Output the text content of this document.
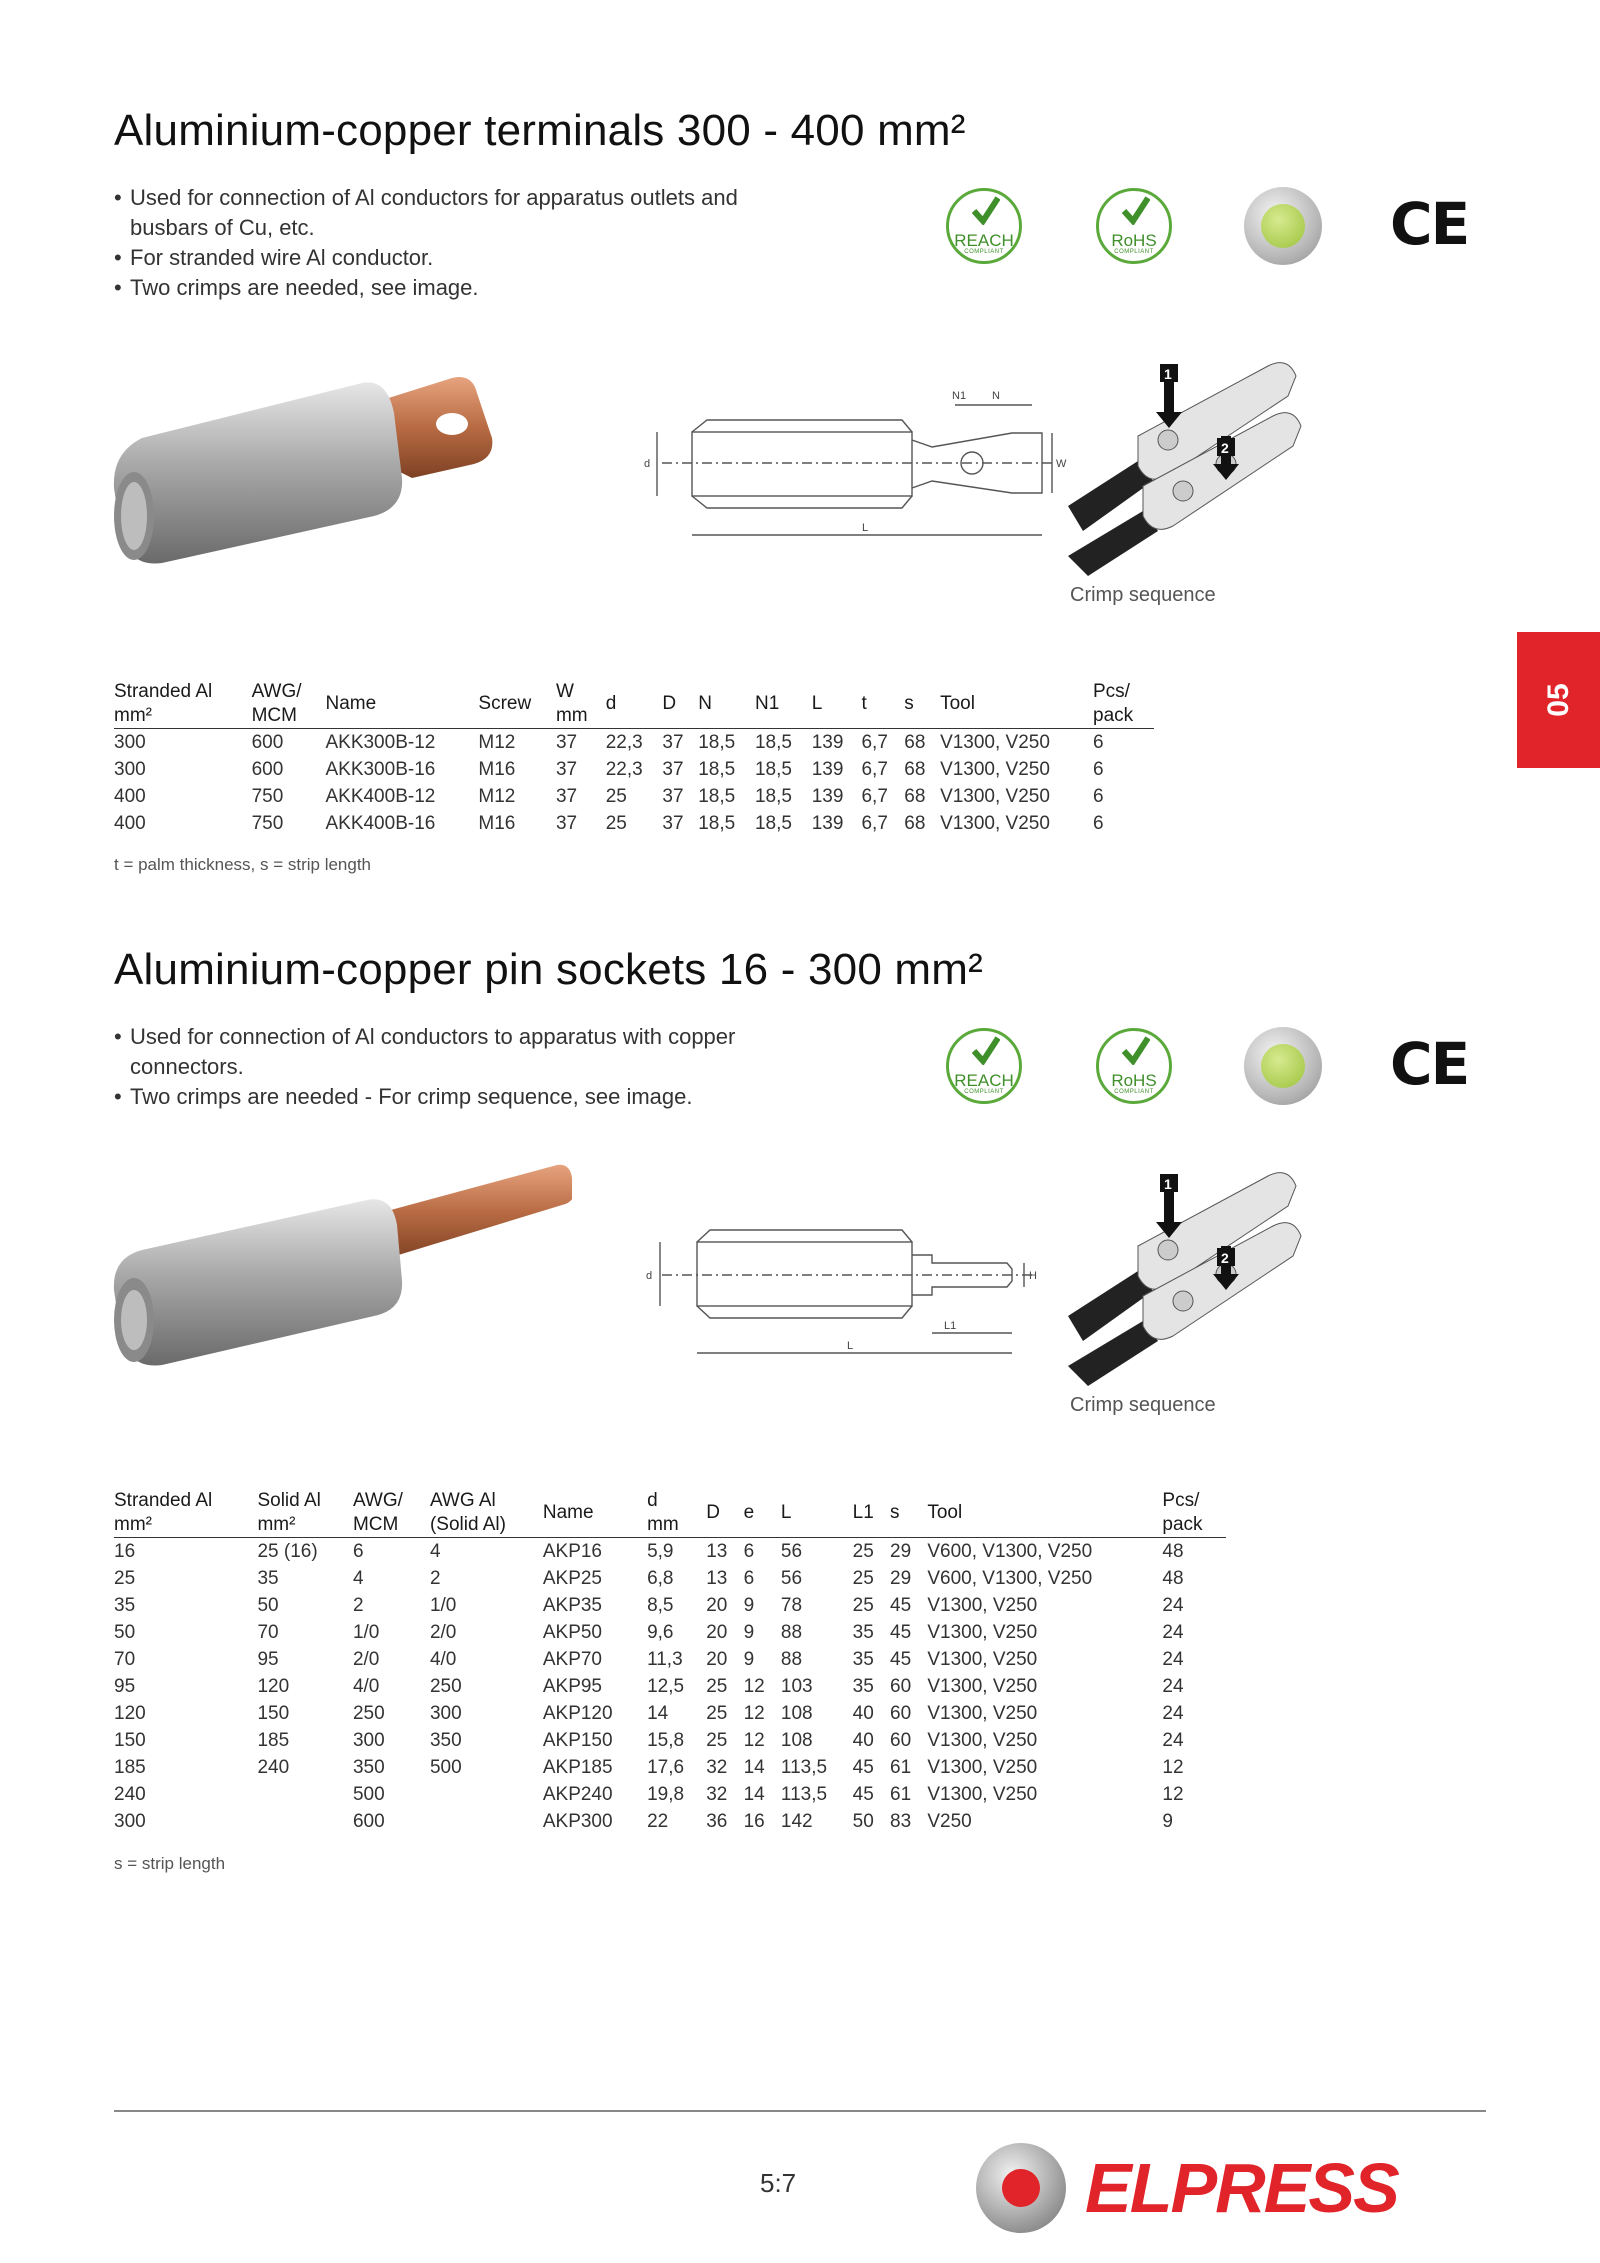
Aluminium-copper terminals 300 - 400 mm²
• Used for connection of Al conductors for apparatus outlets and busbars of Cu, etc.
• For stranded wire Al conductor.
• Two crimps are needed, see image.
REACH
COMPLIANT
RoHS
COMPLIANT	CE
L
d	W
N1 N
1
2
Crimp sequence
Stranded Al
mm²	AWG/
MCM	Name	Screw	W
mm	d	D	N	N1	L	t	s	Tool	Pcs/
pack
300	600	AKK300B-12	M12	37	22,3	37	18,5	18,5	139	6,7	68	V1300, V250	6
300	600	AKK300B-16	M16	37	22,3	37	18,5	18,5	139	6,7	68	V1300, V250	6
400	750	AKK400B-12	M12	37	25	37	18,5	18,5	139	6,7	68	V1300, V250	6
400	750	AKK400B-16	M16	37	25	37	18,5	18,5	139	6,7	68	V1300, V250	6
t = palm thickness, s = strip length
Aluminium-copper pin sockets 16 - 300 mm²
• Used for connection of Al conductors to apparatus with copper connectors.
• Two crimps are needed - For crimp sequence, see image.
REACH
COMPLIANT
RoHS
COMPLIANT	CE
L
L1
d	H
1
2
Crimp sequence
Stranded Al
mm²	Solid Al
mm²	AWG/
MCM	AWG Al
(Solid Al)	Name	d
mm	D	e	L	L1	s	Tool	Pcs/
pack
16	25 (16)	6	4	AKP16	5,9	13	6	56	25	29	V600, V1300, V250	48
25	35	4	2	AKP25	6,8	13	6	56	25	29	V600, V1300, V250	48
35	50	2	1/0	AKP35	8,5	20	9	78	25	45	V1300, V250	24
50	70	1/0	2/0	AKP50	9,6	20	9	88	35	45	V1300, V250	24
70	95	2/0	4/0	AKP70	11,3	20	9	88	35	45	V1300, V250	24
95	120	4/0	250	AKP95	12,5	25	12	103	35	60	V1300, V250	24
120	150	250	300	AKP120	14	25	12	108	40	60	V1300, V250	24
150	185	300	350	AKP150	15,8	25	12	108	40	60	V1300, V250	24
185	240	350	500	AKP185	17,6	32	14	113,5	45	61	V1300, V250	12
240		500		AKP240	19,8	32	14	113,5	45	61	V1300, V250	12
300		600		AKP300	22	36	16	142	50	83	V250	9
s = strip length
05
5:7	ELPRESS
